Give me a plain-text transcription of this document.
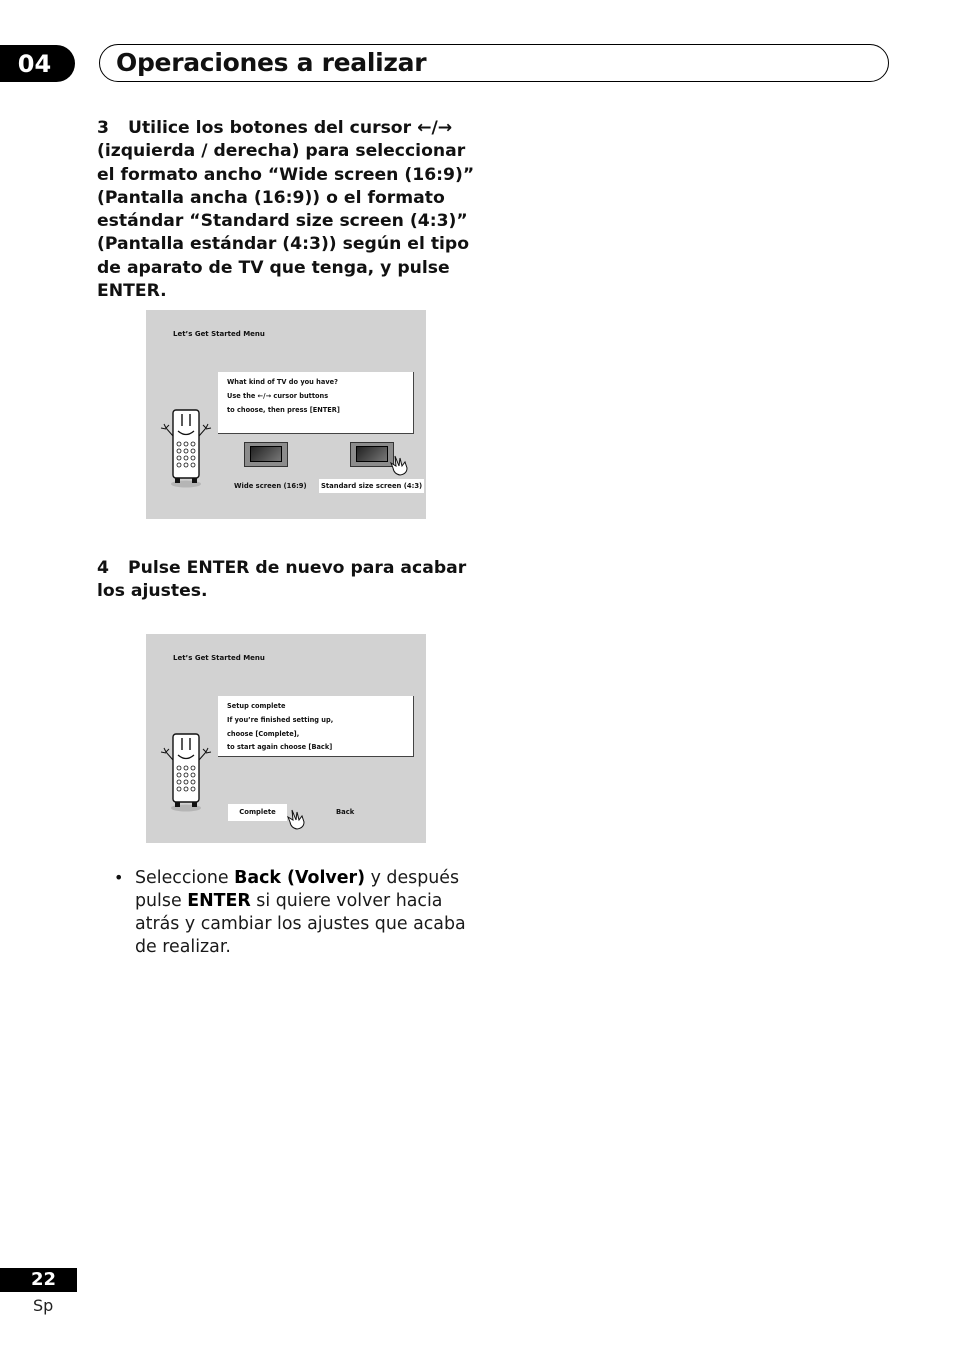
04	Operaciones a realizar
3 Utilice los botones del cursor ←/→
(izquierda / derecha) para seleccionar el formato ancho “Wide screen (16:9)” (Pantalla ancha (16:9)) o el formato estándar “Standard size screen (4:3)” (Pantalla estándar (4:3)) según el tipo de aparato de TV que tenga, y pulse ENTER.
Let’s Get Started Menu
What kind of TV do you have?
Use the ←/→ cursor buttons
to choose, then press [ENTER]
Wide screen (16:9) Standard size screen (4:3)
4 Pulse ENTER de nuevo para acabar los ajustes.
Let’s Get Started Menu
Setup complete
If you’re finished setting up,
choose [Complete],
to start again choose [Back]
Complete	Back
• Seleccione Back (Volver) y después pulse ENTER si quiere volver hacia atrás y cambiar los ajustes que acaba de realizar.
22
Sp
